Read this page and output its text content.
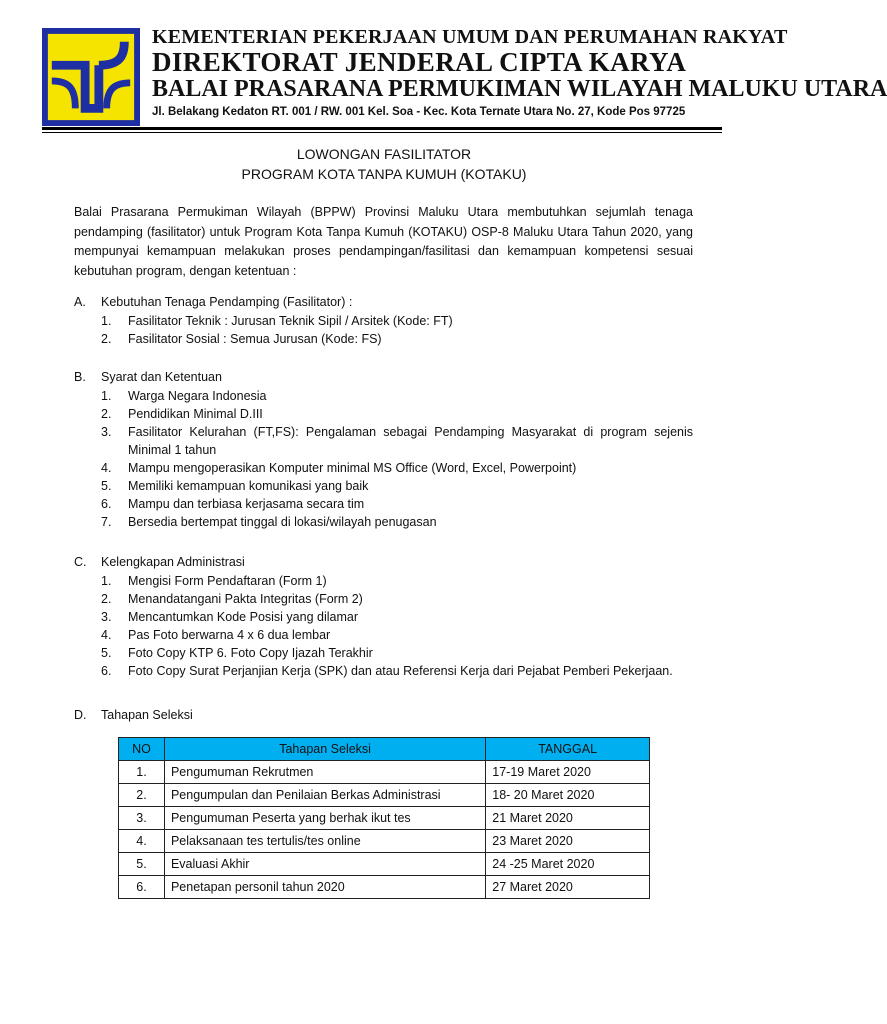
KEMENTERIAN PEKERJAAN UMUM DAN PERUMAHAN RAKYAT
DIREKTORAT JENDERAL CIPTA KARYA
BALAI PRASARANA PERMUKIMAN WILAYAH MALUKU UTARA
Jl. Belakang Kedaton RT. 001 / RW. 001 Kel. Soa - Kec. Kota Ternate Utara No. 27, Kode Pos 97725
LOWONGAN FASILITATOR
PROGRAM KOTA TANPA KUMUH (KOTAKU)
Balai Prasarana Permukiman Wilayah (BPPW) Provinsi Maluku Utara membutuhkan sejumlah tenaga pendamping (fasilitator) untuk Program Kota Tanpa Kumuh (KOTAKU) OSP-8 Maluku Utara Tahun 2020, yang mempunyai kemampuan melakukan proses pendampingan/fasilitasi dan kemampuan kompetensi sesuai kebutuhan program, dengan ketentuan :
A.	Kebutuhan Tenaga Pendamping (Fasilitator) :
1.	Fasilitator Teknik : Jurusan Teknik Sipil / Arsitek (Kode: FT)
2.	Fasilitator Sosial : Semua Jurusan (Kode: FS)
B.	Syarat dan Ketentuan
1.	Warga Negara Indonesia
2.	Pendidikan Minimal D.III
3.	Fasilitator Kelurahan (FT,FS): Pengalaman sebagai Pendamping Masyarakat di program sejenis Minimal 1 tahun
4.	Mampu mengoperasikan Komputer minimal MS Office (Word, Excel, Powerpoint)
5.	Memiliki kemampuan komunikasi yang baik
6.	Mampu dan terbiasa kerjasama secara tim
7.	Bersedia bertempat tinggal di lokasi/wilayah penugasan
C.	Kelengkapan Administrasi
1.	Mengisi Form Pendaftaran (Form 1)
2.	Menandatangani Pakta Integritas (Form 2)
3.	Mencantumkan Kode Posisi yang dilamar
4.	Pas Foto berwarna 4 x 6 dua lembar
5.	Foto Copy KTP 6. Foto Copy Ijazah Terakhir
6.	Foto Copy Surat Perjanjian Kerja (SPK) dan atau Referensi Kerja dari Pejabat Pemberi Pekerjaan.
D.	Tahapan Seleksi
NO	Tahapan Seleksi	TANGGAL
1.	Pengumuman Rekrutmen	17-19 Maret 2020
2.	Pengumpulan dan Penilaian Berkas Administrasi	18- 20 Maret 2020
3.	Pengumuman Peserta yang berhak ikut tes	21 Maret 2020
4.	Pelaksanaan tes tertulis/tes online	23 Maret 2020
5.	Evaluasi Akhir	24 -25 Maret 2020
6.	Penetapan personil tahun 2020	27 Maret 2020
